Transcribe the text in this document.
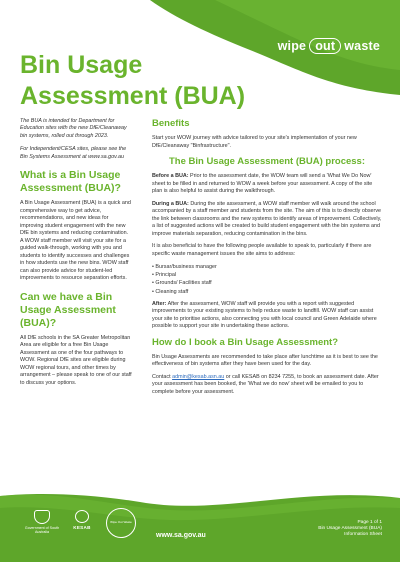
wipe out waste
Bin Usage
Assessment (BUA)

The BUA is intended for Department for Education sites with the new DfE/Cleanaway bin systems, rolled out through 2023.

For Independent/CESA sites, please see the Bin Systems Assessment at www.sa.gov.au

What is a Bin Usage Assessment (BUA)?

A Bin Usage Assessment (BUA) is a quick and comprehensive way to get advice, recommendations, and new ideas for improving student engagement with the new DfE bin systems and reducing contamination. A WOW staff member will visit your site for a guided walk-through, working with you and students to identify successes and challenges in how students use the new bins. WOW staff can also provide advice for student-led improvements to resource separation efforts.

Can we have a Bin Usage Assessment (BUA)?

All DfE schools in the SA Greater Metropolitan Area are eligible for a free Bin Usage Assessment as one of the four pathways to WOW. Regional DfE sites are eligible during WOW regional tours, and other times by arrangement – please speak to one of our staff to discuss your options.

Benefits

Start your WOW journey with advice tailored to your site's implementation of your new DfE/Cleanaway "Binfrastructure".

The Bin Usage Assessment (BUA) process:

Before a BUA: Prior to the assessment date, the WOW team will send a 'What We Do Now' sheet to be filled in and returned to WOW a week before your assessment. A copy of the site plan is also helpful to assist during the walkthrough.

During a BUA: During the site assessment, a WOW staff member will walk around the school accompanied by a staff member and students from the site. The aim of this is to directly observe the link between classrooms and the new systems to identify areas of improvement. Collectively, a list of suggested actions will be created to build student engagement with the bin systems and improve materials separation, reducing contamination in the bins.

It is also beneficial to have the following people available to speak to, particularly if there are specific waste management issues the site aims to address:

• Bursar/business manager
• Principal
• Grounds/ Facilities staff
• Cleaning staff

After: After the assessment, WOW staff will provide you with a report with suggested improvements to your existing systems to help reduce waste to landfill. WOW staff can assist your site to prioritise actions, also connecting you with local council and Green Adelaide where possible to support your site in undertaking these actions.

How do I book a Bin Usage Assessment?

Bin Usage Assessments are recommended to take place after lunchtime as it is best to see the effectiveness of bin systems after they have been used for the day.

Contact admin@kesab.asn.au or call KESAB on 8234 7255, to book an assessment date. After your assessment has been booked, the 'What we do now' sheet will be emailed to you to complete before your assessment.

Government of South Australia
KESAB
Wipe Out Waste
www.sa.gov.au
Page 1 of 1
Bin Usage Assessment (BUA)
Information Sheet
